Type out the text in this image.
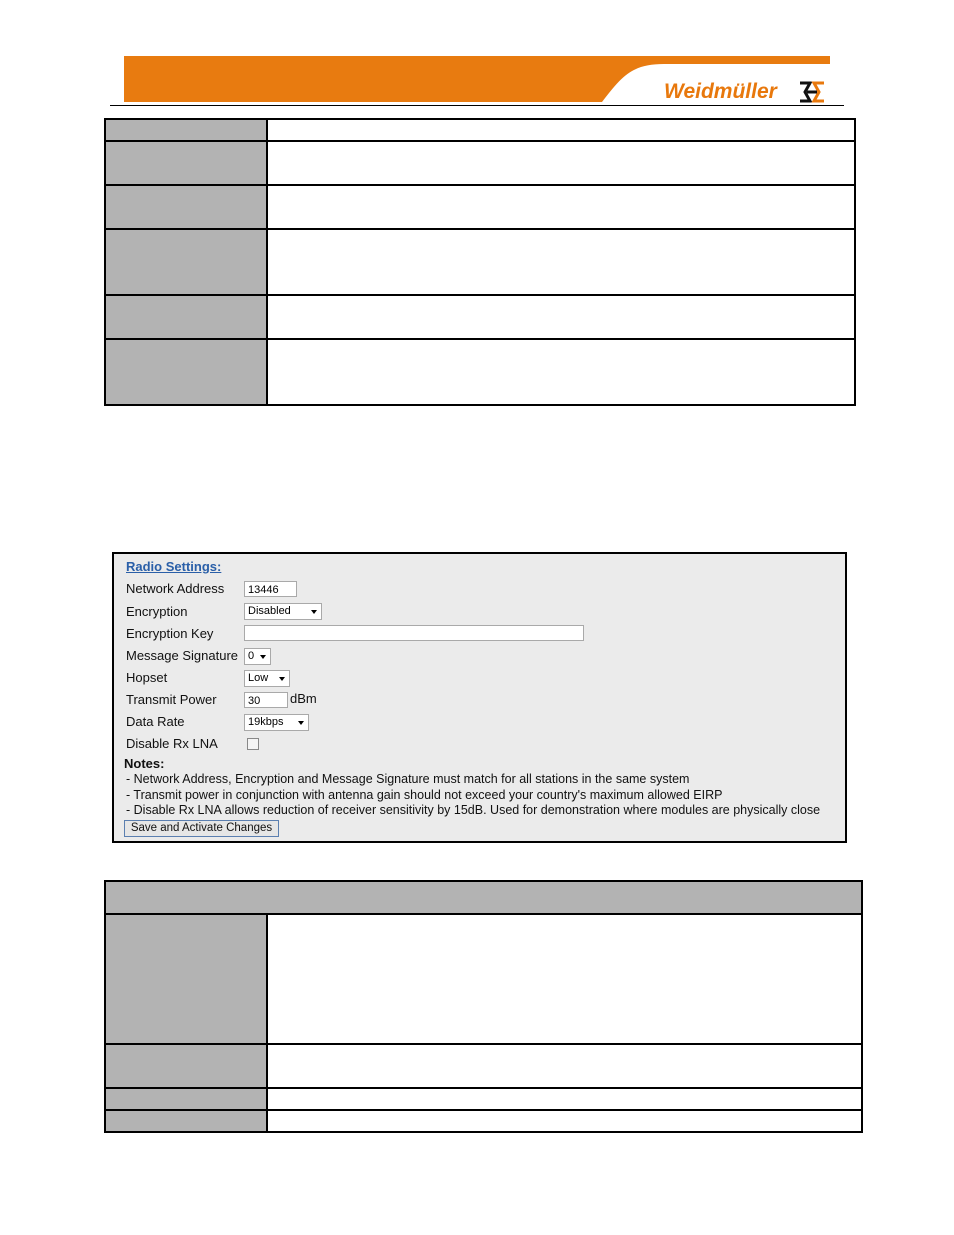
Weidmüller

Radio Settings:
Network Address	13446
Encryption	Disabled
Encryption Key
Message Signature 0
Hopset	Low
Transmit Power	30	dBm
Data Rate	19kbps
Disable Rx LNA
Notes:
- Network Address, Encryption and Message Signature must match for all stations in the same system
- Transmit power in conjunction with antenna gain should not exceed your country's maximum allowed EIRP
- Disable Rx LNA allows reduction of receiver sensitivity by 15dB. Used for demonstration where modules are physically close
Save and Activate Changes
